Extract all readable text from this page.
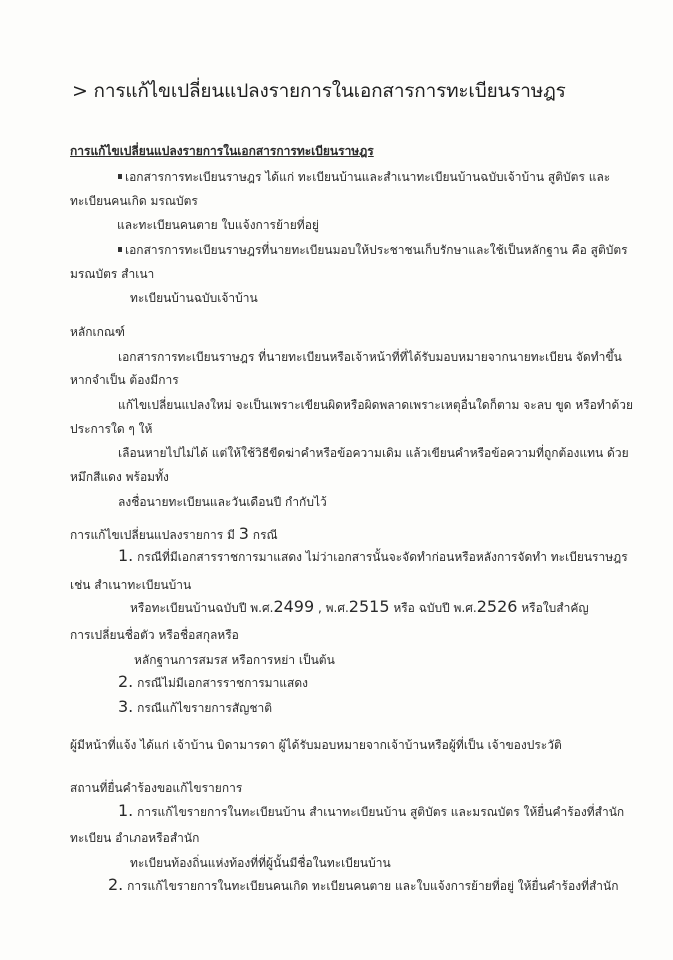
> การแก้ไขเปลี่ยนแปลงรายการในเอกสารการทะเบียนราษฎร
การแก้ไขเปลี่ยนแปลงรายการในเอกสารการทะเบียนราษฎร
เอกสารการทะเบียนราษฎร ได้แก่ ทะเบียนบ้านและสำเนาทะเบียนบ้านฉบับเจ้าบ้าน สูติบัตร และ
ทะเบียนคนเกิด มรณบัตร
และทะเบียนคนตาย ใบแจ้งการย้ายที่อยู่
เอกสารการทะเบียนราษฎรที่นายทะเบียนมอบให้ประชาชนเก็บรักษาและใช้เป็นหลักฐาน คือ สูติบัตร
มรณบัตร สำเนา
ทะเบียนบ้านฉบับเจ้าบ้าน
หลักเกณฑ์
เอกสารการทะเบียนราษฎร ที่นายทะเบียนหรือเจ้าหน้าที่ที่ได้รับมอบหมายจากนายทะเบียน จัดทำขึ้น
หากจำเป็น ต้องมีการ
แก้ไขเปลี่ยนแปลงใหม่ จะเป็นเพราะเขียนผิดหรือผิดพลาดเพราะเหตุอื่นใดก็ตาม จะลบ ขูด หรือทำด้วย
ประการใด ๆ ให้
เลือนหายไปไม่ได้ แต่ให้ใช้วิธีขีดฆ่าคำหรือข้อความเดิม แล้วเขียนคำหรือข้อความที่ถูกต้องแทน ด้วย
หมึกสีแดง พร้อมทั้ง
ลงชื่อนายทะเบียนและวันเดือนปี กำกับไว้
การแก้ไขเปลี่ยนแปลงรายการ มี 3 กรณี
1. กรณีที่มีเอกสารราชการมาแสดง ไม่ว่าเอกสารนั้นจะจัดทำก่อนหรือหลังการจัดทำ ทะเบียนราษฎร
เช่น สำเนาทะเบียนบ้าน
หรือทะเบียนบ้านฉบับปี พ.ศ.2499 , พ.ศ.2515 หรือ ฉบับปี พ.ศ.2526 หรือใบสำคัญ
การเปลี่ยนชื่อตัว หรือชื่อสกุลหรือ
หลักฐานการสมรส หรือการหย่า เป็นต้น
2. กรณีไม่มีเอกสารราชการมาแสดง
3. กรณีแก้ไขรายการสัญชาติ
ผู้มีหน้าที่แจ้ง ได้แก่ เจ้าบ้าน บิดามารดา ผู้ได้รับมอบหมายจากเจ้าบ้านหรือผู้ที่เป็น เจ้าของประวัติ
สถานที่ยื่นคำร้องขอแก้ไขรายการ
1. การแก้ไขรายการในทะเบียนบ้าน สำเนาทะเบียนบ้าน สูติบัตร และมรณบัตร ให้ยื่นคำร้องที่สำนัก
ทะเบียน อำเภอหรือสำนัก
ทะเบียนท้องถิ่นแห่งท้องที่ที่ผู้นั้นมีชื่อในทะเบียนบ้าน
2. การแก้ไขรายการในทะเบียนคนเกิด ทะเบียนคนตาย และใบแจ้งการย้ายที่อยู่ ให้ยื่นคำร้องที่สำนัก
